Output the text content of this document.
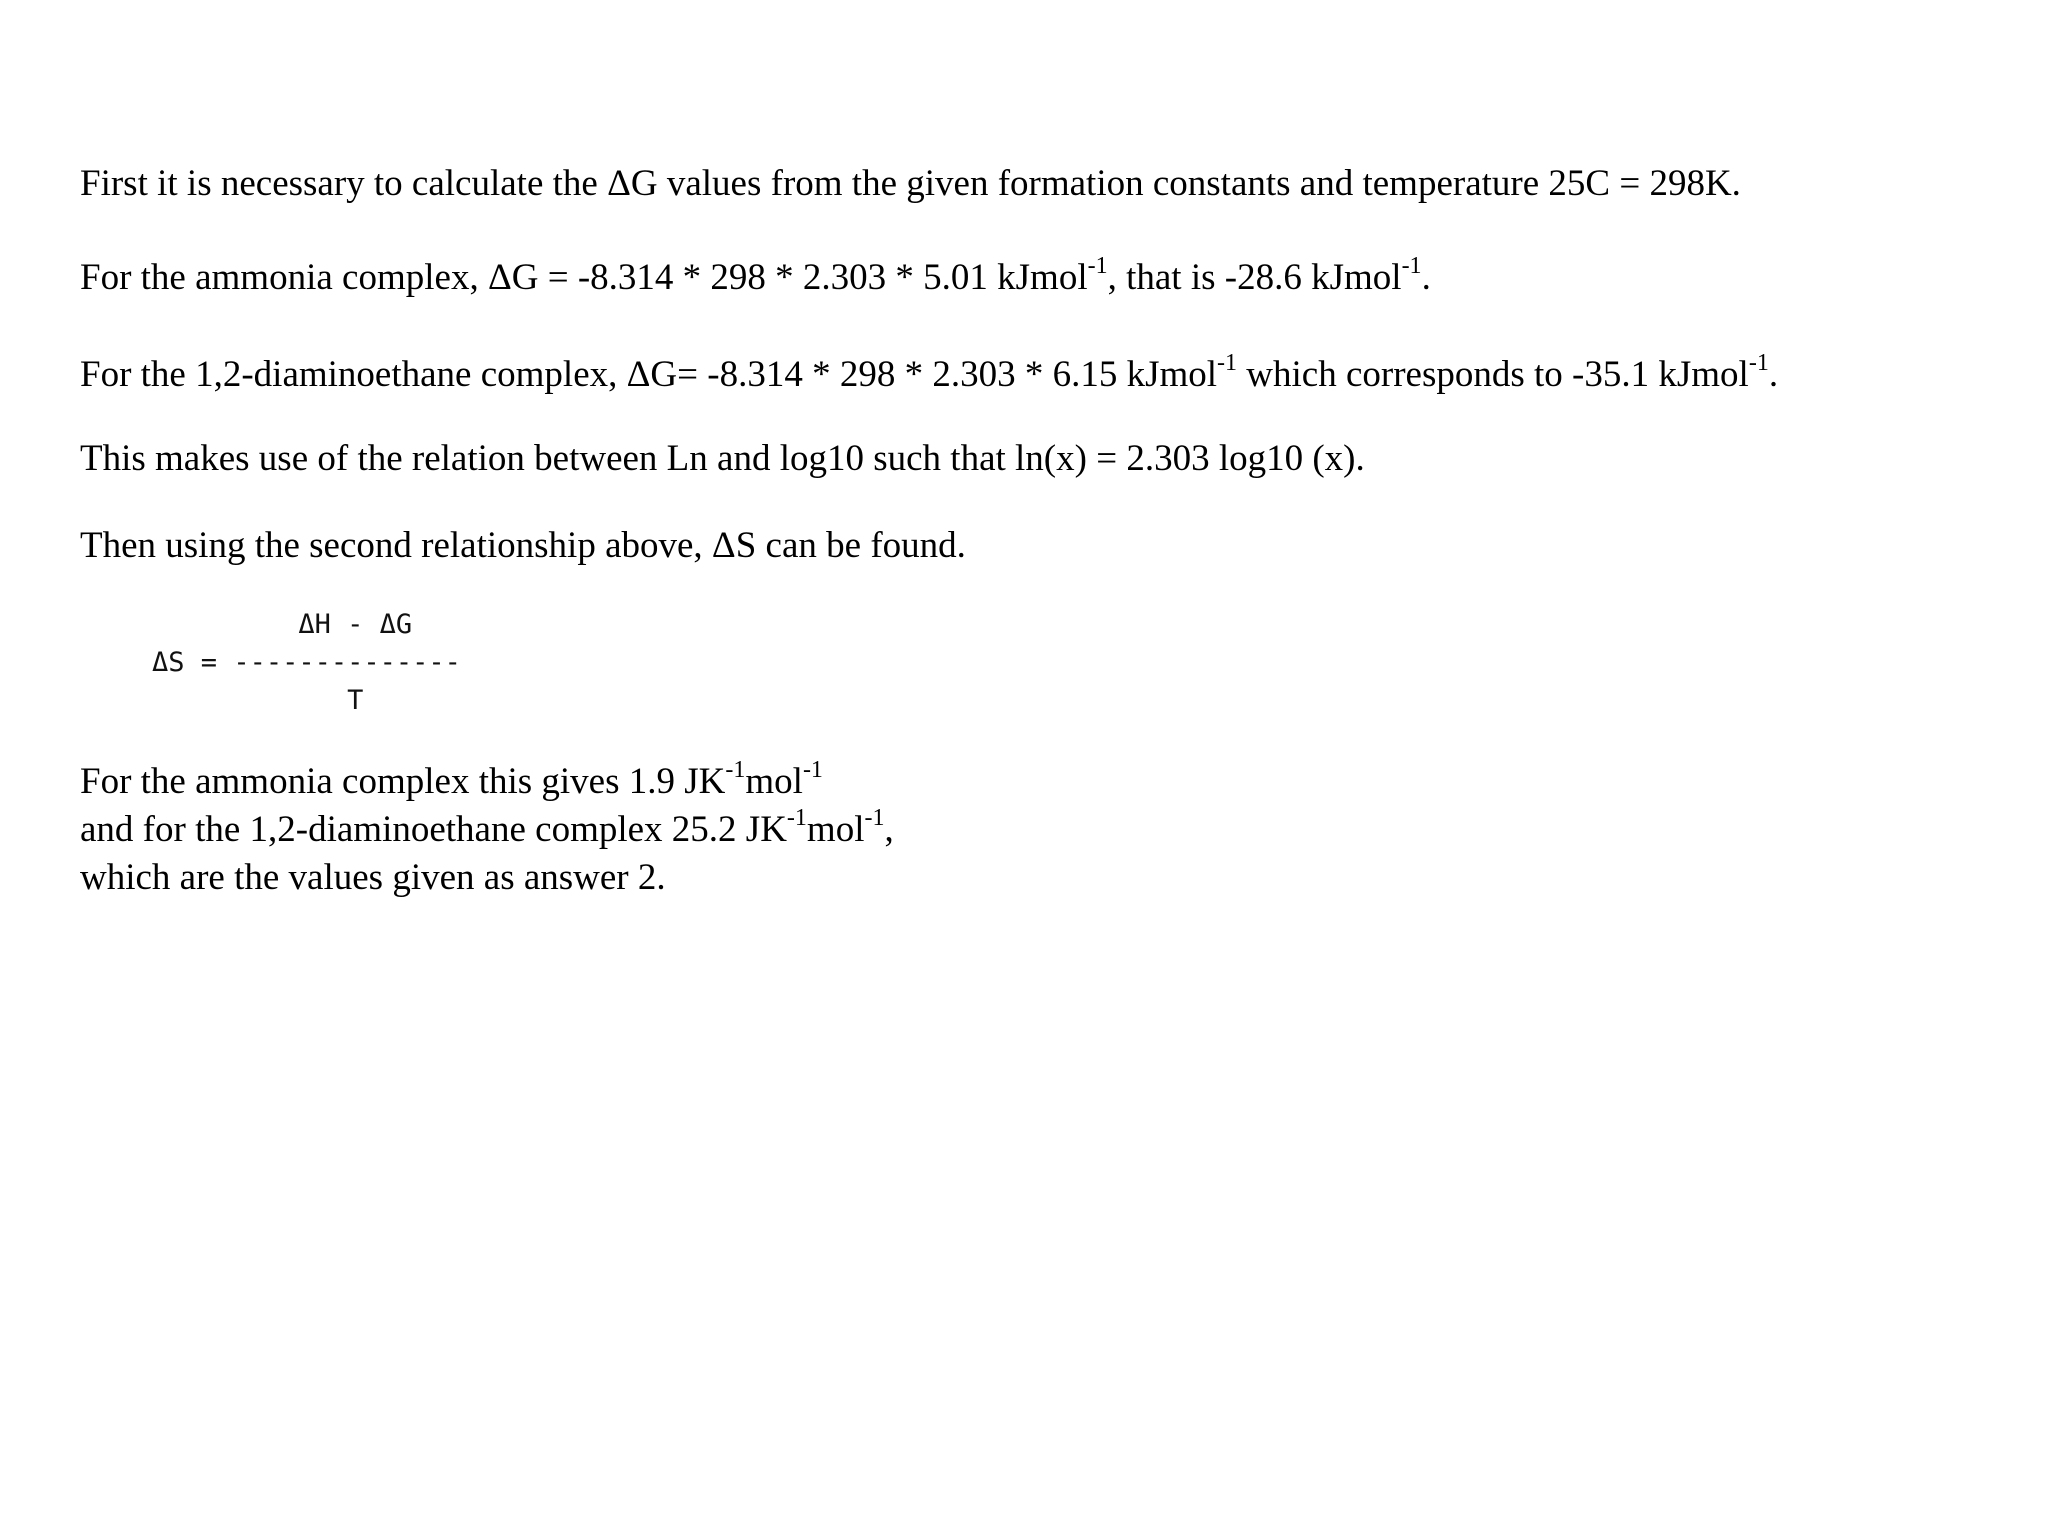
First it is necessary to calculate the ΔG values from the given formation constants and temperature 25C = 298K.

For the ammonia complex, ΔG = -8.314 * 298 * 2.303 * 5.01 kJmol$^{-1}$, that is -28.6 kJmol$^{-1}$.

For the 1,2-diaminoethane complex, ΔG= -8.314 * 298 * 2.303 * 6.15 kJmol$^{-1}$ which corresponds to -35.1 kJmol$^{-1}$.

This makes use of the relation between Ln and log10 such that ln(x) = 2.303 log10 (x).

Then using the second relationship above, ΔS can be found.

ΔH - ΔG
ΔS = --------------
T

For the ammonia complex this gives 1.9 $JK^{-1}mol^{-1}$

and for the 1,2-diaminoethane complex 25.2 $JK^{-1}mol^{-1}$,

which are the values given as answer 2.
